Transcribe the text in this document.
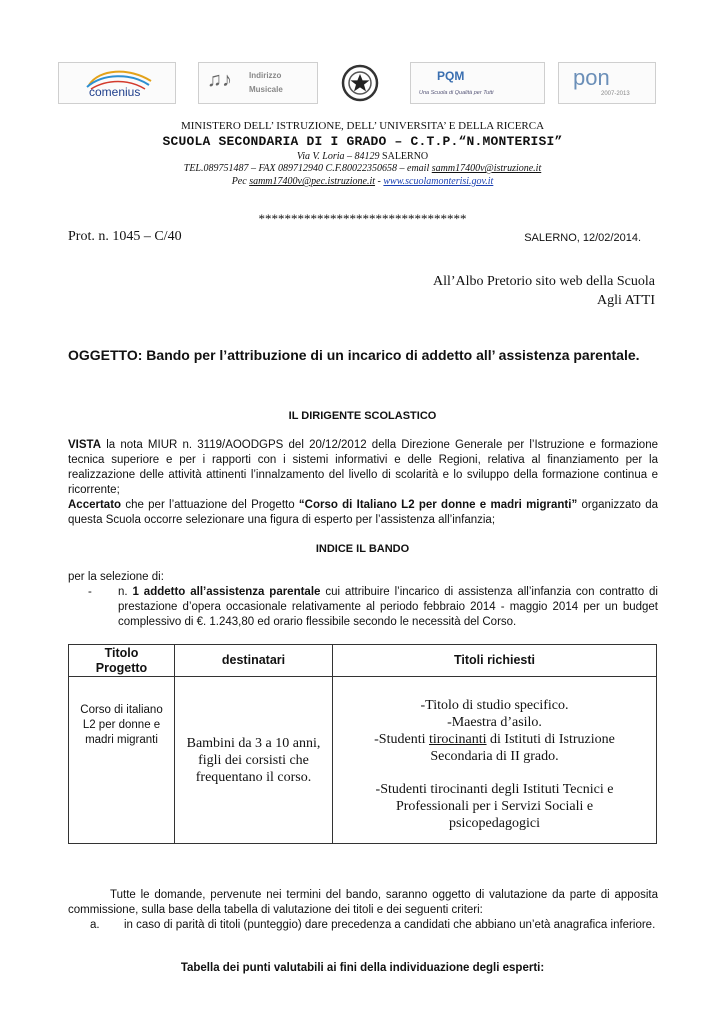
comenius
♫♪ Indirizzo
Musicale
PQM
Una Scuola di Qualità per Tutti
pon
2007-2013
MINISTERO DELL’ ISTRUZIONE, DELL’ UNIVERSITA’ E DELLA RICERCA
SCUOLA SECONDARIA DI I GRADO – C.T.P.“N.MONTERISI”
Via V. Loria – 84129 SALERNO
TEL.089751487 – FAX 089712940 C.F.80022350658 – email samm17400v@istruzione.it
Pec samm17400v@pec.istruzione.it - www.scuolamonterisi.gov.it
********************************
Prot. n. 1045 – C/40	SALERNO, 12/02/2014.
All’Albo Pretorio sito web della Scuola
Agli ATTI
OGGETTO: Bando per l’attribuzione di un incarico di addetto all’ assistenza parentale.
IL DIRIGENTE SCOLASTICO
VISTA la nota MIUR n. 3119/AOODGPS del 20/12/2012 della Direzione Generale per l’Istruzione e formazione tecnica superiore e per i rapporti con i sistemi informativi e delle Regioni, relativa al finanziamento per la realizzazione delle attività attinenti l’innalzamento del livello di scolarità e lo sviluppo della formazione continua e ricorrente;
Accertato che per l’attuazione del Progetto “Corso di Italiano L2 per donne e madri migranti” organizzato da questa Scuola occorre selezionare una figura di esperto per l’assistenza all’infanzia;
INDICE IL BANDO
per la selezione di:
- n. 1 addetto all’assistenza parentale cui attribuire l’incarico di assistenza all’infanzia con contratto di prestazione d’opera occasionale relativamente al periodo febbraio 2014 - maggio 2014 per un budget complessivo di €. 1.243,80 ed orario flessibile secondo le necessità del Corso.
Titolo Progetto	destinatari	Titoli richiesti

Corso di italiano L2 per donne e madri migranti	Bambini da 3 a 10 anni, figli dei corsisti che frequentano il corso.	-Titolo di studio specifico.
-Maestra d’asilo.
-Studenti tirocinanti di Istituti di Istruzione Secondaria di II grado.
-Studenti tirocinanti degli Istituti Tecnici e Professionali per i Servizi Sociali e psicopedagogici
Tutte le domande, pervenute nei termini del bando, saranno oggetto di valutazione da parte di apposita commissione, sulla base della tabella di valutazione dei titoli e dei seguenti criteri:
a. in caso di parità di titoli (punteggio) dare precedenza a candidati che abbiano un’età anagrafica inferiore.
Tabella dei punti valutabili ai fini della individuazione degli esperti:
